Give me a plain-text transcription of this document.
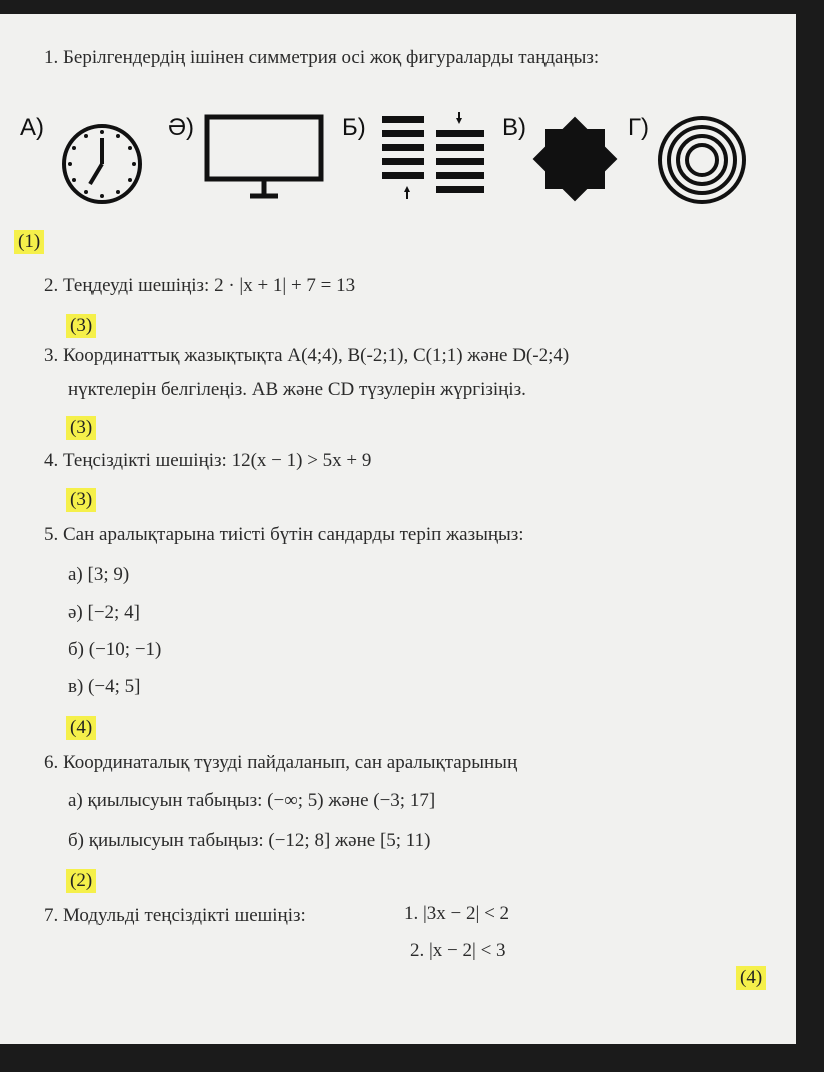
1. Берілгендердің ішінен симметрия осі жоқ фигураларды таңдаңыз:
А)	Ә)	Б)	В)	Г)
(1)
2. Теңдеуді шешіңіз: 2 · |x + 1| + 7 = 13
(3)
3. Координаттық жазықтықта A(4;4), B(-2;1), C(1;1) және D(-2;4)
нүктелерін белгілеңіз. AB және CD түзулерін жүргізіңіз.
(3)
4. Теңсіздікті шешіңіз: 12(x − 1) > 5x + 9
(3)
5. Сан аралықтарына тиісті бүтін сандарды теріп жазыңыз:
а) [3; 9)
ә) [−2; 4]
б) (−10; −1)
в) (−4; 5]
(4)
6. Координаталық түзуді пайдаланып, сан аралықтарының
а) қиылысуын табыңыз: (−∞; 5) және (−3; 17]
б) қиылысуын табыңыз: (−12; 8] және [5; 11)
(2)
7. Модульді теңсіздікті шешіңіз:	1. |3x − 2| < 2
2. |x − 2| < 3
(4)
